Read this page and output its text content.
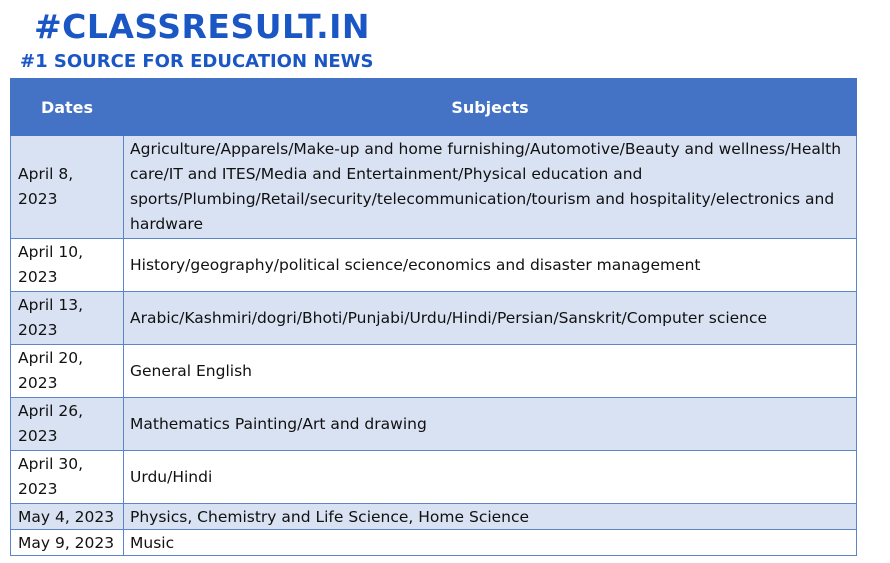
#CLASSRESULT.IN
#1 SOURCE FOR EDUCATION NEWS
Dates	Subjects
April 8, 2023	Agriculture/Apparels/Make-up and home furnishing/Automotive/Beauty and wellness/Health care/IT and ITES/Media and Entertainment/Physical education and sports/Plumbing/Retail/security/telecommunication/tourism and hospitality/electronics and hardware
April 10, 2023	History/geography/political science/economics and disaster management
April 13, 2023	Arabic/Kashmiri/dogri/Bhoti/Punjabi/Urdu/Hindi/Persian/Sanskrit/Computer science
April 20, 2023	General English
April 26, 2023	Mathematics Painting/Art and drawing
April 30, 2023	Urdu/Hindi
May 4, 2023	Physics, Chemistry and Life Science, Home Science
May 9, 2023	Music
